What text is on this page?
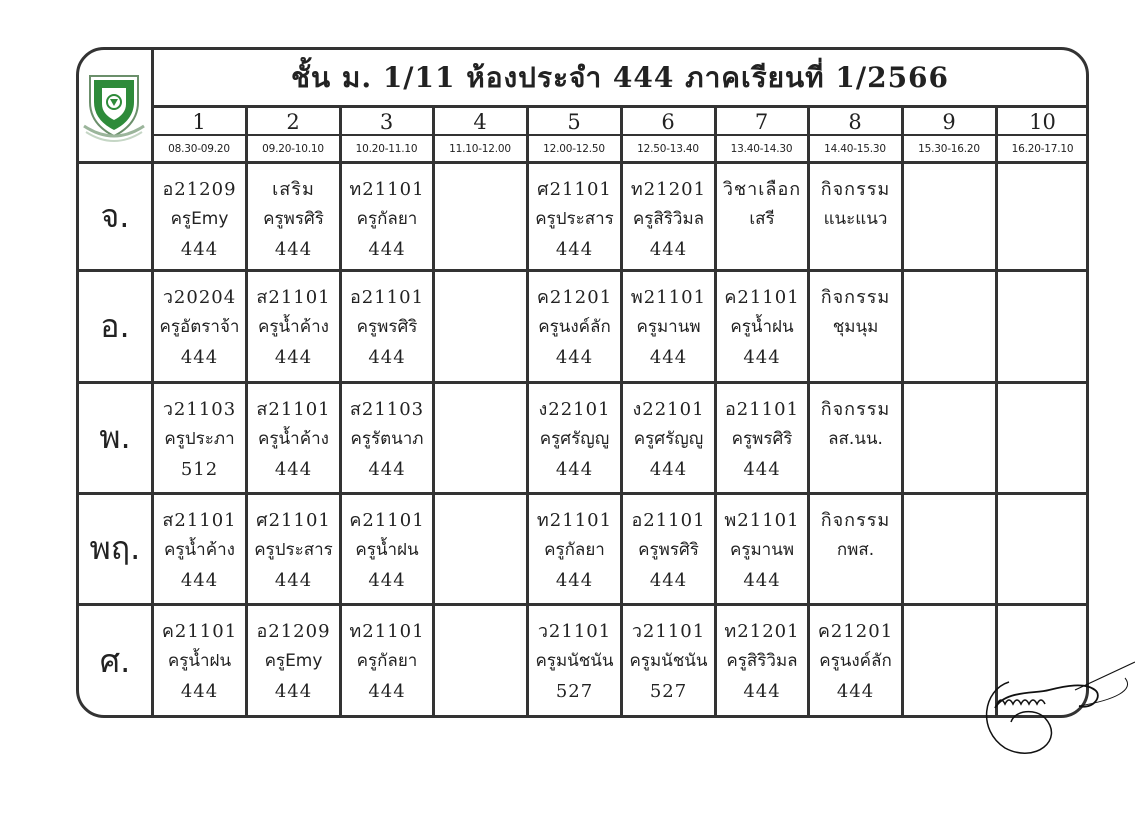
ชั้น ม. 1/11 ห้องประจำ 444 ภาคเรียนที่ 1/2566
1
08.30-09.20
2
09.20-10.10
3
10.20-11.10
4
11.10-12.00
5
12.00-12.50
6
12.50-13.40
7
13.40-14.30
8
14.40-15.30
9
15.30-16.20
10
16.20-17.10
จ.
อ21209
ครูEmy
444
เสริม
ครูพรศิริ
444
ท21101
ครูกัลยา
444
ศ21101
ครูประสาร
444
ท21201
ครูสิริวิมล
444
วิชาเลือก
เสรี
กิจกรรม
แนะแนว
อ.
ว20204
ครูอัตราจ้า
444
ส21101
ครูน้ำค้าง
444
อ21101
ครูพรศิริ
444
ค21201
ครูนงค์ลัก
444
พ21101
ครูมานพ
444
ค21101
ครูน้ำฝน
444
กิจกรรม
ชุมนุม
พ.
ว21103
ครูประภา
512
ส21101
ครูน้ำค้าง
444
ส21103
ครูรัตนาภ
444
ง22101
ครูศรัญญู
444
ง22101
ครูศรัญญู
444
อ21101
ครูพรศิริ
444
กิจกรรม
ลส.นน.
พฤ.
ส21101
ครูน้ำค้าง
444
ศ21101
ครูประสาร
444
ค21101
ครูน้ำฝน
444
ท21101
ครูกัลยา
444
อ21101
ครูพรศิริ
444
พ21101
ครูมานพ
444
กิจกรรม
กพส.
ศ.
ค21101
ครูน้ำฝน
444
อ21209
ครูEmy
444
ท21101
ครูกัลยา
444
ว21101
ครูมนัชนัน
527
ว21101
ครูมนัชนัน
527
ท21201
ครูสิริวิมล
444
ค21201
ครูนงค์ลัก
444
